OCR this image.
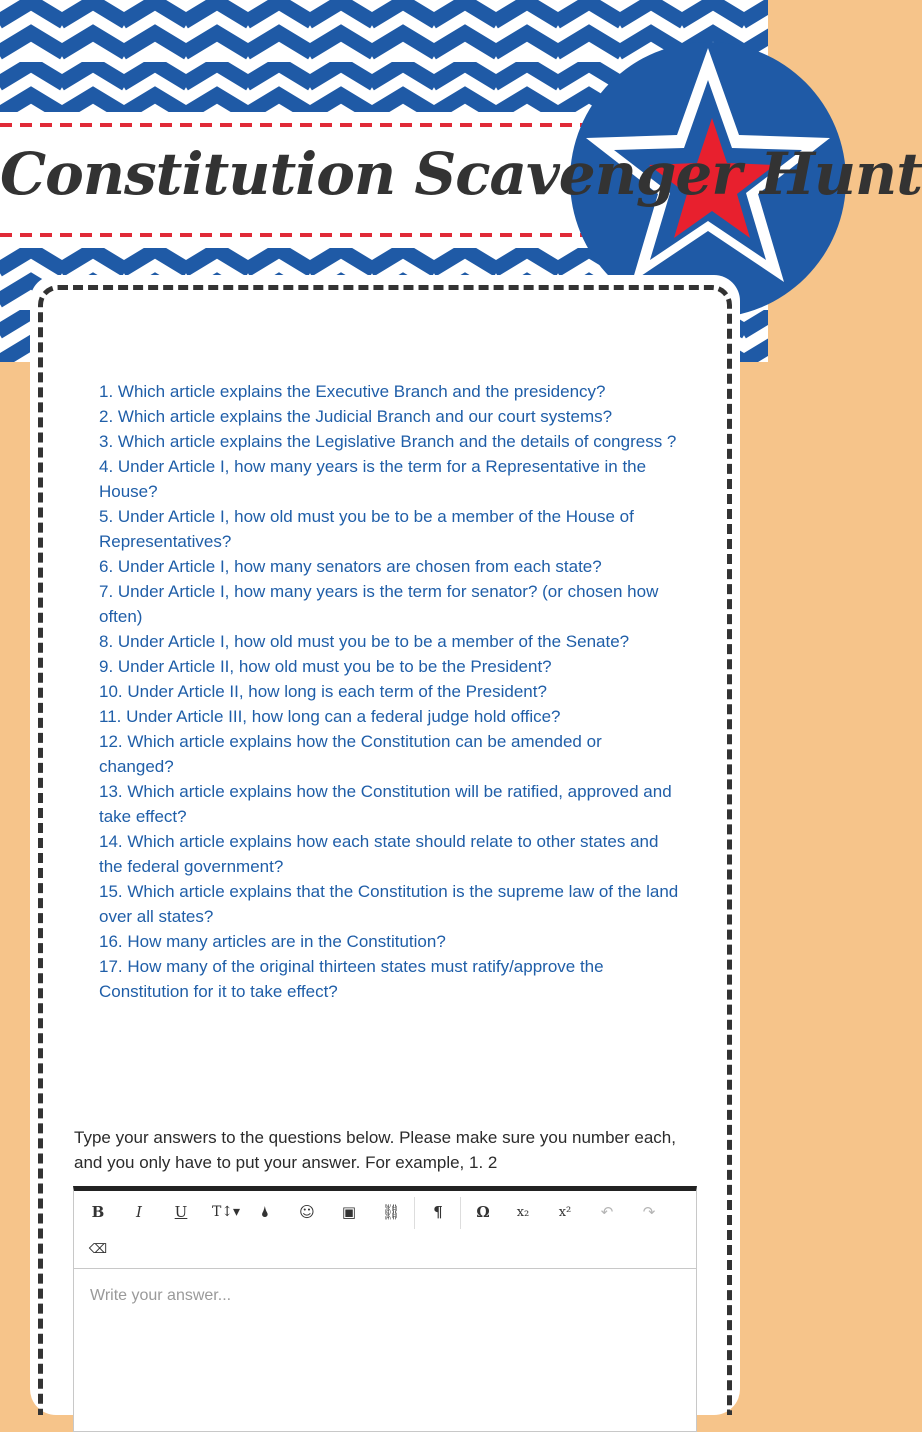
Constitution Scavenger Hunt
1. Which article explains the Executive Branch and the presidency?
2. Which article explains the Judicial Branch and our court systems?
3. Which article explains the Legislative Branch and the details of congress ?
4. Under Article I, how many years is the term for a Representative in the House?
5. Under Article I, how old must you be to be a member of the House of Representatives?
6. Under Article I, how many senators are chosen from each state?
7. Under Article I, how many years is the term for senator? (or chosen how often)
8. Under Article I, how old must you be to be a member of the Senate?
9. Under Article II, how old must you be to be the President?
10. Under Article II, how long is each term of the President?
11. Under Article III, how long can a federal judge hold office?
12. Which article explains how the Constitution can be amended or changed?
13. Which article explains how the Constitution will be ratified, approved and take effect?
14. Which article explains how each state should relate to other states and the federal government?
15. Which article explains that the Constitution is the supreme law of the land over all states?
16. How many articles are in the Constitution?
17. How many of the original thirteen states must ratify/approve the Constitution for it to take effect?

Type your answers to the questions below. Please make sure you number each, and you only have to put your answer. For example, 1. 2

B	I	U	T↕▾	🌢	☺	▣	⛓	¶	Ω	x₂	x²	↶	↷
⌫
Write your answer...
